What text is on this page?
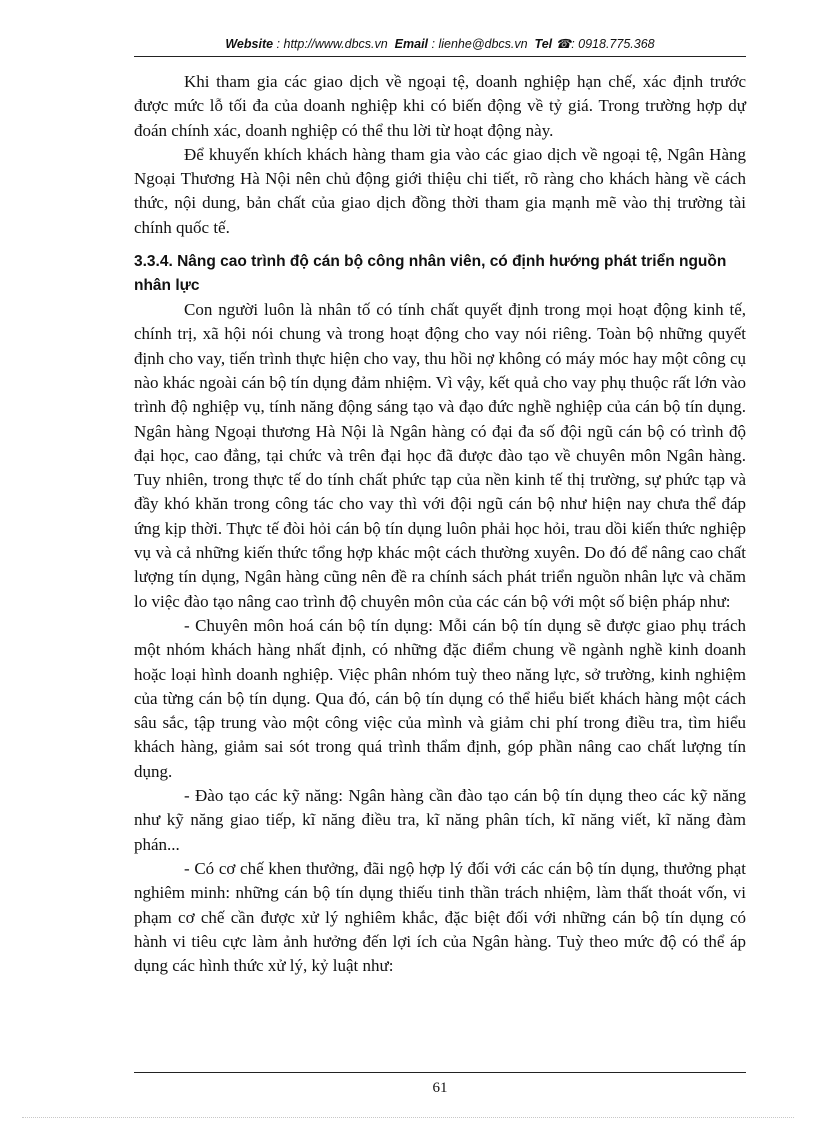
Website : http://www.dbcs.vn Email : lienhe@dbcs.vn Tel ☎: 0918.775.368

Khi tham gia các giao dịch về ngoại tệ, doanh nghiệp hạn chế, xác định trước được mức lỗ tối đa của doanh nghiệp khi có biến động về tỷ giá. Trong trường hợp dự đoán chính xác, doanh nghiệp có thể thu lời từ hoạt động này.

Để khuyến khích khách hàng tham gia vào các giao dịch về ngoại tệ, Ngân Hàng Ngoại Thương Hà Nội nên chủ động giới thiệu chi tiết, rõ ràng cho khách hàng về cách thức, nội dung, bản chất của giao dịch đồng thời tham gia mạnh mẽ vào thị trường tài chính quốc tế.

3.3.4. Nâng cao trình độ cán bộ công nhân viên, có định hướng phát triển nguồn nhân lực

Con người luôn là nhân tố có tính chất quyết định trong mọi hoạt động kinh tế, chính trị, xã hội nói chung và trong hoạt động cho vay nói riêng. Toàn bộ những quyết định cho vay, tiến trình thực hiện cho vay, thu hồi nợ không có máy móc hay một công cụ nào khác ngoài cán bộ tín dụng đảm nhiệm. Vì vậy, kết quả cho vay phụ thuộc rất lớn vào trình độ nghiệp vụ, tính năng động sáng tạo và đạo đức nghề nghiệp của cán bộ tín dụng. Ngân hàng Ngoại thương Hà Nội là Ngân hàng có đại đa số đội ngũ cán bộ có trình độ đại học, cao đẳng, tại chức và trên đại học đã được đào tạo về chuyên môn Ngân hàng. Tuy nhiên, trong thực tế do tính chất phức tạp của nền kinh tế thị trường, sự phức tạp và đầy khó khăn trong công tác cho vay thì với đội ngũ cán bộ như hiện nay chưa thể đáp ứng kịp thời. Thực tế đòi hỏi cán bộ tín dụng luôn phải học hỏi, trau dồi kiến thức nghiệp vụ và cả những kiến thức tổng hợp khác một cách thường xuyên. Do đó để nâng cao chất lượng tín dụng, Ngân hàng cũng nên đề ra chính sách phát triển nguồn nhân lực và chăm lo việc đào tạo nâng cao trình độ chuyên môn của các cán bộ với một số biện pháp như:

- Chuyên môn hoá cán bộ tín dụng: Mỗi cán bộ tín dụng sẽ được giao phụ trách một nhóm khách hàng nhất định, có những đặc điểm chung về ngành nghề kinh doanh hoặc loại hình doanh nghiệp. Việc phân nhóm tuỳ theo năng lực, sở trường, kinh nghiệm của từng cán bộ tín dụng. Qua đó, cán bộ tín dụng có thể hiểu biết khách hàng một cách sâu sắc, tập trung vào một công việc của mình và giảm chi phí trong điều tra, tìm hiểu khách hàng, giảm sai sót trong quá trình thẩm định, góp phần nâng cao chất lượng tín dụng.

- Đào tạo các kỹ năng: Ngân hàng cần đào tạo cán bộ tín dụng theo các kỹ năng như kỹ năng giao tiếp, kĩ năng điều tra, kĩ năng phân tích, kĩ năng viết, kĩ năng đàm phán...

- Có cơ chế khen thưởng, đãi ngộ hợp lý đối với các cán bộ tín dụng, thưởng phạt nghiêm minh: những cán bộ tín dụng thiếu tinh thần trách nhiệm, làm thất thoát vốn, vi phạm cơ chế cần được xử lý nghiêm khắc, đặc biệt đối với những cán bộ tín dụng có hành vi tiêu cực làm ảnh hưởng đến lợi ích của Ngân hàng. Tuỳ theo mức độ có thể áp dụng các hình thức xử lý, kỷ luật như:

61
